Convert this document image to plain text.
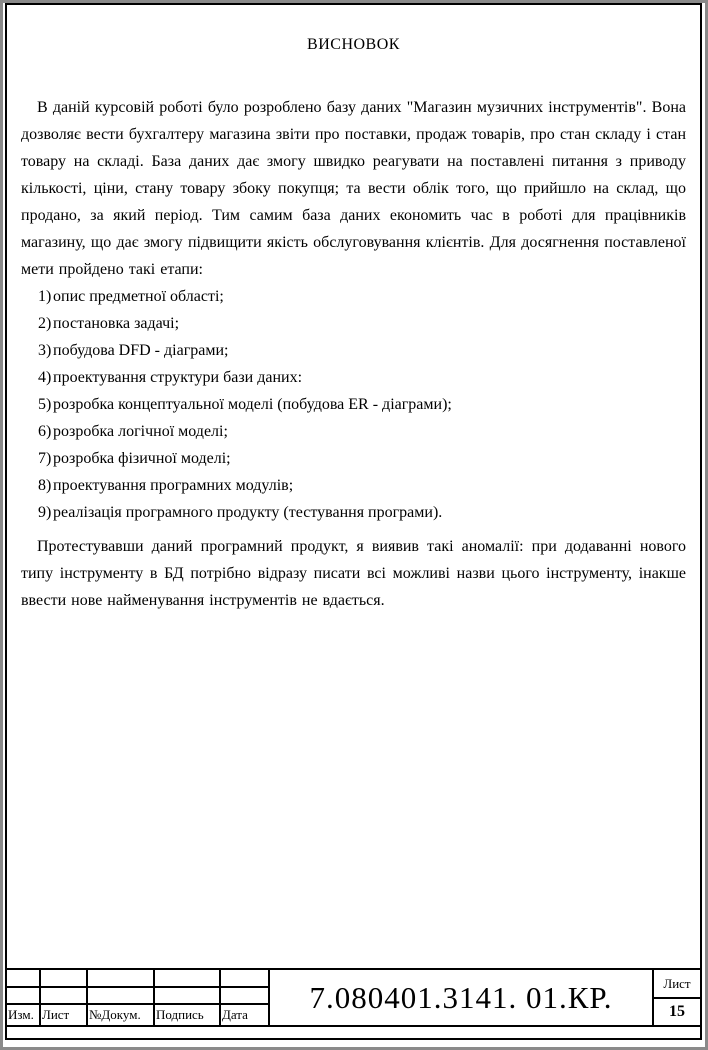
ВИСНОВОК

В даній курсовій роботі було розроблено базу даних "Магазин музичних інструментів". Вона дозволяє вести бухгалтеру магазина звіти про поставки, продаж товарів, про стан складу і стан товару на складі. База даних дає змогу швидко реагувати на поставлені питання з приводу кількості, ціни, стану товару збоку покупця; та вести облік того, що прийшло на склад, що продано, за який період. Тим самим база даних економить час в роботі для працівників магазину, що дає змогу підвищити якість обслуговування клієнтів. Для досягнення поставленої мети пройдено такі етапи:

1) опис предметної області;
2) постановка задачі;
3) побудова DFD - діаграми;
4) проектування структури бази даних:
5) розробка концептуальної моделі (побудова ER - діаграми);
6) розробка логічної моделі;
7) розробка фізичної моделі;
8) проектування програмних модулів;
9) реалізація програмного продукту (тестування програми).

Протестувавши даний програмний продукт, я виявив такі аномалії: при додаванні нового типу інструменту в БД потрібно відразу писати всі можливі назви цього інструменту, інакше ввести нове найменування інструментів не вдається.

Изм. Лист	№Докум.	Подпись	Дата	7.080401.3141. 01.КР.	Лист
15
